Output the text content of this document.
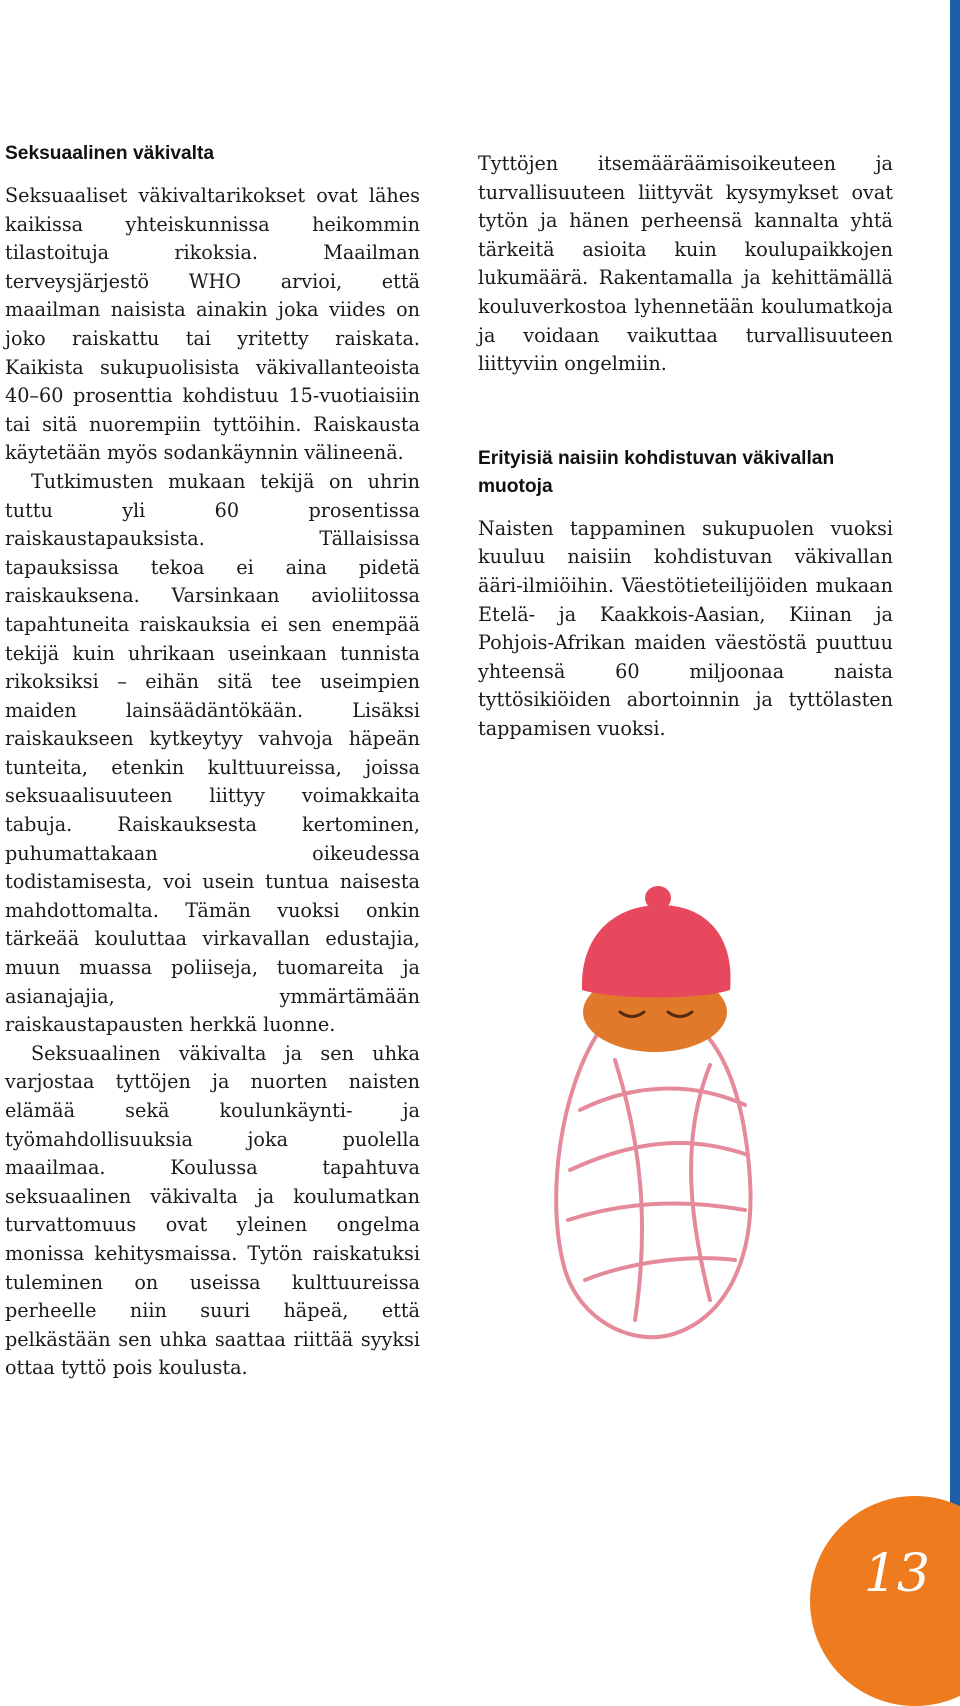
Seksuaalinen väkivalta

Seksuaaliset väkivaltarikokset ovat lähes kaikissa yhteiskunnissa heikommin tilastoituja rikoksia. Maailman terveysjärjestö WHO arvioi, että maailman naisista ainakin joka viides on joko raiskattu tai yritetty raiskata. Kaikista sukupuolisista väkivallanteoista 40–60 prosenttia kohdistuu 15-vuotiaisiin tai sitä nuorempiin tyttöihin. Raiskausta käytetään myös sodankäynnin välineenä.

Tutkimusten mukaan tekijä on uhrin tuttu yli 60 prosentissa raiskaustapauksista. Tällaisissa tapauksissa tekoa ei aina pidetä raiskauksena. Varsinkaan avioliitossa tapahtuneita raiskauksia ei sen enempää tekijä kuin uhrikaan useinkaan tunnista rikoksiksi – eihän sitä tee useimpien maiden lainsäädäntökään. Lisäksi raiskaukseen kytkeytyy vahvoja häpeän tunteita, etenkin kulttuureissa, joissa seksuaalisuuteen liittyy voimakkaita tabuja. Raiskauksesta kertominen, puhumattakaan oikeudessa todistamisesta, voi usein tuntua naisesta mahdottomalta. Tämän vuoksi onkin tärkeää kouluttaa virkavallan edustajia, muun muassa poliiseja, tuomareita ja asianajajia, ymmärtämään raiskaustapausten herkkä luonne.

Seksuaalinen väkivalta ja sen uhka varjostaa tyttöjen ja nuorten naisten elämää sekä koulunkäynti- ja työmahdollisuuksia joka puolella maailmaa. Koulussa tapahtuva seksuaalinen väkivalta ja koulumatkan turvattomuus ovat yleinen ongelma monissa kehitysmaissa. Tytön raiskatuksi tuleminen on useissa kulttuureissa perheelle niin suuri häpeä, että pelkästään sen uhka saattaa riittää syyksi ottaa tyttö pois koulusta.

Tyttöjen itsemääräämisoikeuteen ja turvallisuuteen liittyvät kysymykset ovat tytön ja hänen perheensä kannalta yhtä tärkeitä asioita kuin koulupaikkojen lukumäärä. Rakentamalla ja kehittämällä kouluverkostoa lyhennetään koulumatkoja ja voidaan vaikuttaa turvallisuuteen liittyviin ongelmiin.

Erityisiä naisiin kohdistuvan väkivallan muotoja

Naisten tappaminen sukupuolen vuoksi kuuluu naisiin kohdistuvan väkivallan ääri-ilmiöihin. Väestötieteilijöiden mukaan Etelä- ja Kaakkois-Aasian, Kiinan ja Pohjois-Afrikan maiden väestöstä puuttuu yhteensä 60 miljoonaa naista tyttösikiöiden abortoinnin ja tyttölasten tappamisen vuoksi.

13
